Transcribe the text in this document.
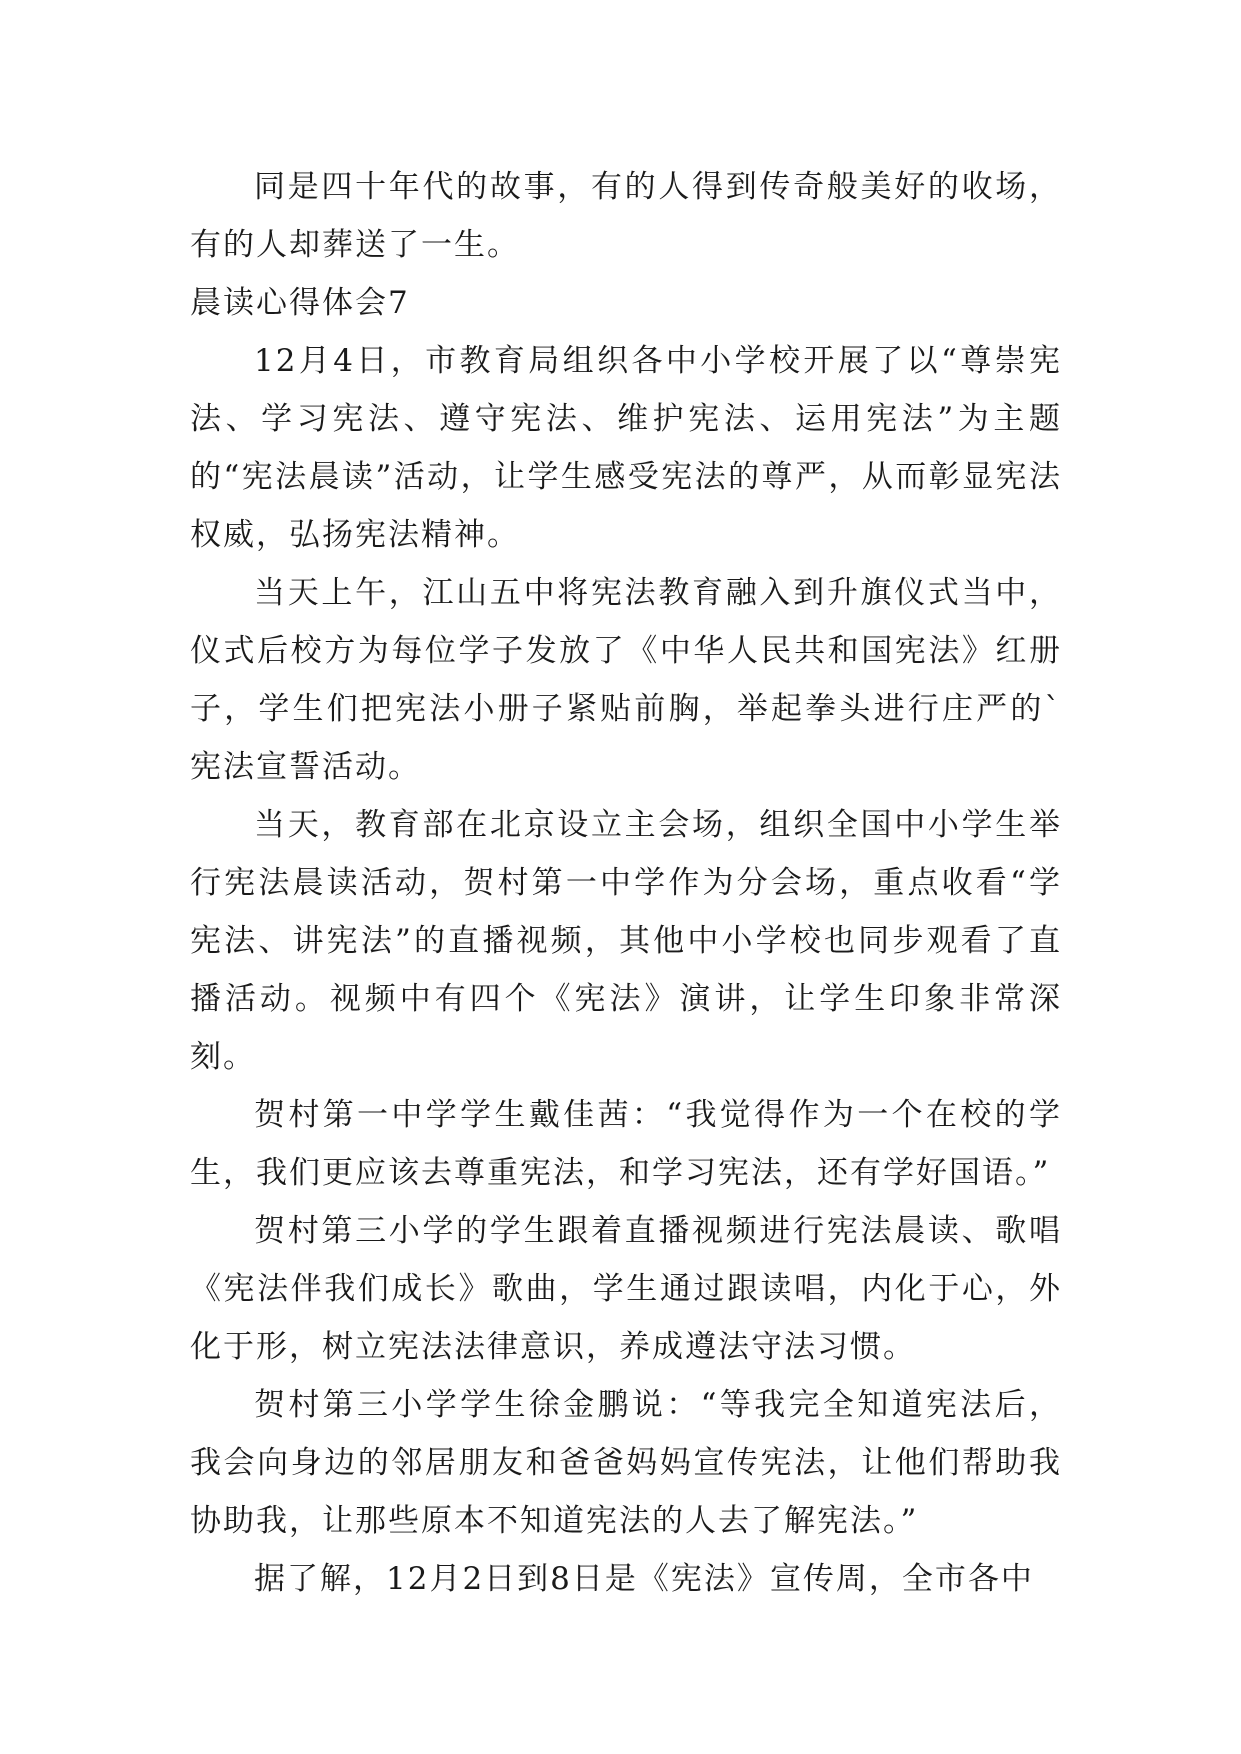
同是四十年代的故事，有的人得到传奇般美好的收场，有的人却葬送了一生。

晨读心得体会7

12月4日，市教育局组织各中小学校开展了以“尊崇宪法、学习宪法、遵守宪法、维护宪法、运用宪法”为主题的“宪法晨读”活动，让学生感受宪法的尊严，从而彰显宪法权威，弘扬宪法精神。

当天上午，江山五中将宪法教育融入到升旗仪式当中，仪式后校方为每位学子发放了《中华人民共和国宪法》红册子，学生们把宪法小册子紧贴前胸，举起拳头进行庄严的`宪法宣誓活动。

当天，教育部在北京设立主会场，组织全国中小学生举行宪法晨读活动，贺村第一中学作为分会场，重点收看“学宪法、讲宪法”的直播视频，其他中小学校也同步观看了直播活动。视频中有四个《宪法》演讲，让学生印象非常深刻。

贺村第一中学学生戴佳茜：“我觉得作为一个在校的学生，我们更应该去尊重宪法，和学习宪法，还有学好国语。”

贺村第三小学的学生跟着直播视频进行宪法晨读、歌唱《宪法伴我们成长》歌曲，学生通过跟读唱，内化于心，外化于形，树立宪法法律意识，养成遵法守法习惯。

贺村第三小学学生徐金鹏说：“等我完全知道宪法后，我会向身边的邻居朋友和爸爸妈妈宣传宪法，让他们帮助我协助我，让那些原本不知道宪法的人去了解宪法。”

据了解，12月2日到8日是《宪法》宣传周，全市各中
